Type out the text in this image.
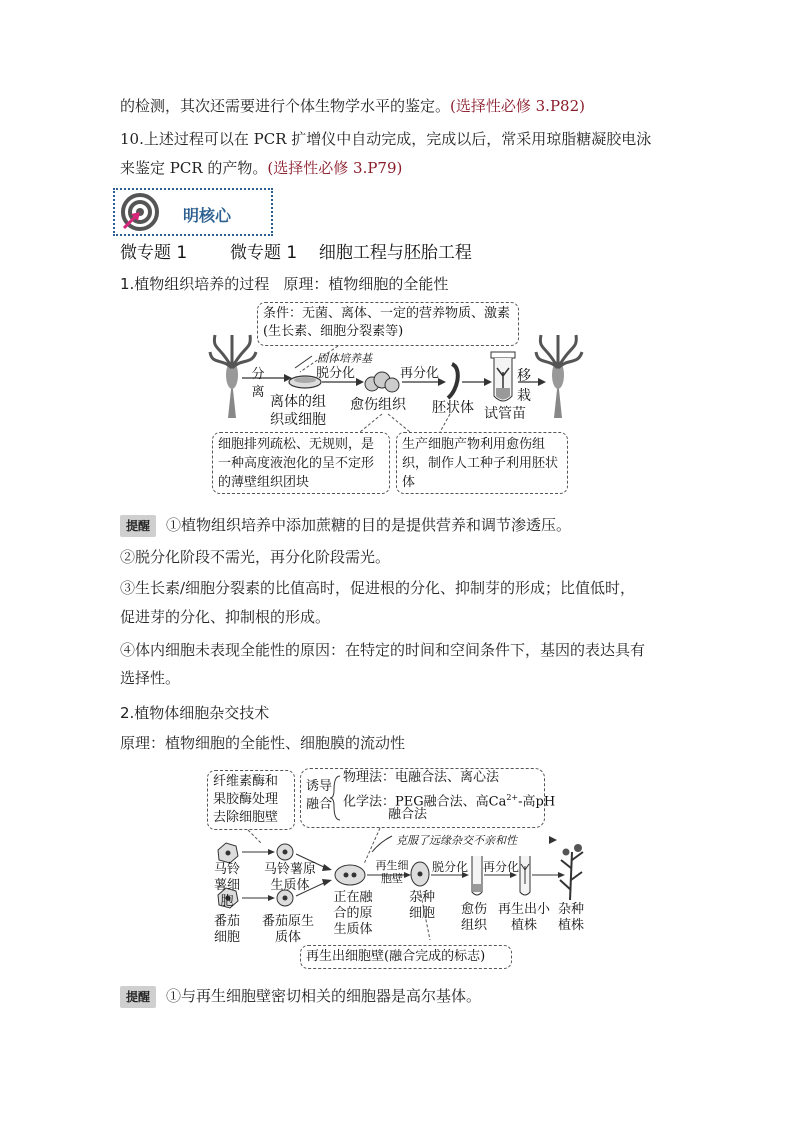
的检测，其次还需要进行个体生物学水平的鉴定。(选择性必修 3.P82)
10.上述过程可以在 PCR 扩增仪中自动完成，完成以后，常采用琼脂糖凝胶电泳
来鉴定 PCR 的产物。(选择性必修 3.P79)
明核心
微专题 1	微专题 1    细胞工程与胚胎工程
1.植物组织培养的过程 原理：植物细胞的全能性
条件：无菌、离体、一定的营养物质、激素(生长素、细胞分裂素等)
固体培养基
分离
离体的组织或细胞
脱分化
愈伤组织
再分化
胚状体 试管苗
移栽
细胞排列疏松、无规则，是一种高度液泡化的呈不定形的薄壁组织团块
生产细胞产物利用愈伤组织，制作人工种子利用胚状体
提醒 ①植物组织培养中添加蔗糖的目的是提供营养和调节渗透压。
②脱分化阶段不需光，再分化阶段需光。
③生长素/细胞分裂素的比值高时，促进根的分化、抑制芽的形成；比值低时，
促进芽的分化、抑制根的形成。
④体内细胞未表现全能性的原因：在特定的时间和空间条件下，基因的表达具有
选择性。
2.植物体细胞杂交技术
原理：植物细胞的全能性、细胞膜的流动性
纤维素酶和果胶酶处理去除细胞壁
诱导融合
物理法：电融合法、离心法
化学法：PEG融合法、高$Ca^{2+}-$高pH
融合法
克服了远缘杂交不亲和性
马铃薯细胞
马铃薯原生质体
番茄细胞
番茄原生质体
正在融合的原生质体
再生细胞壁
杂种细胞
脱分化
愈伤组织
再分化
再生出小植株
杂种植株
再生出细胞壁(融合完成的标志)
提醒 ①与再生细胞壁密切相关的细胞器是高尔基体。
